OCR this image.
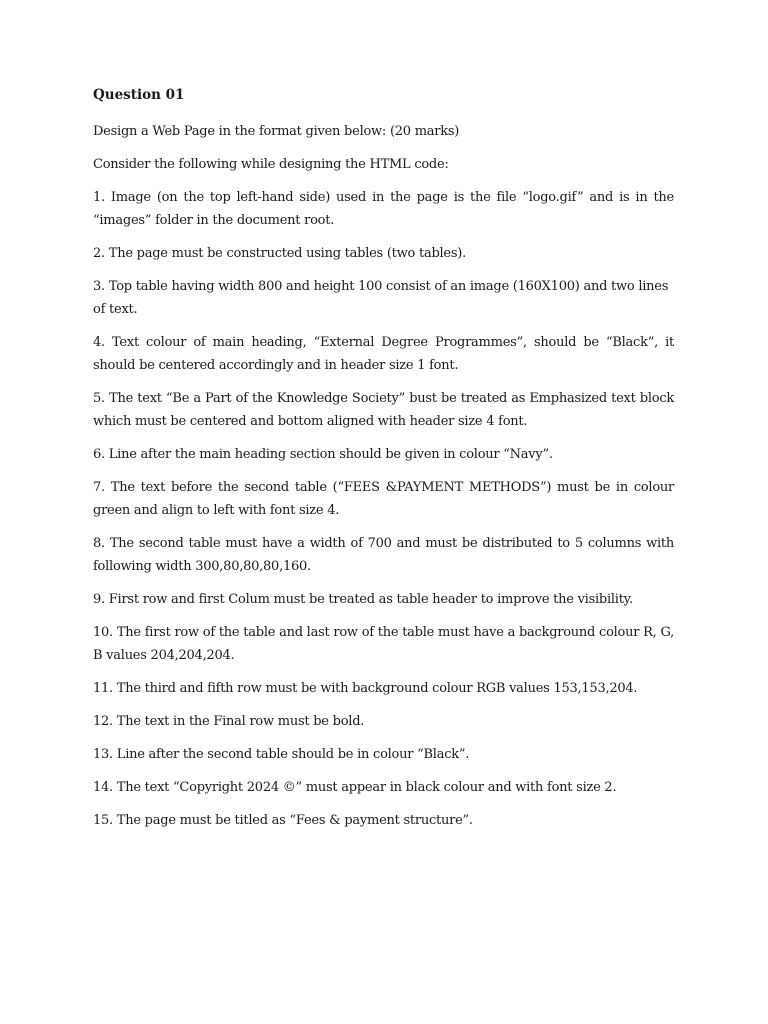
Question 01
Design a Web Page in the format given below: (20 marks)
Consider the following while designing the HTML code:
1. Image (on the top left-hand side) used in the page is the file “logo.gif” and is in the “images” folder in the document root.
2. The page must be constructed using tables (two tables).
3. Top table having width 800 and height 100 consist of an image (160X100) and two lines of text.
4. Text colour of main heading, “External Degree Programmes”, should be “Black”, it should be centered accordingly and in header size 1 font.
5. The text “Be a Part of the Knowledge Society” bust be treated as Emphasized text block which must be centered and bottom aligned with header size 4 font.
6. Line after the main heading section should be given in colour “Navy”.
7. The text before the second table (“FEES &PAYMENT METHODS”) must be in colour green and align to left with font size 4.
8. The second table must have a width of 700 and must be distributed to 5 columns with following width 300,80,80,80,160.
9. First row and first Colum must be treated as table header to improve the visibility.
10. The first row of the table and last row of the table must have a background colour R, G, B values 204,204,204.
11. The third and fifth row must be with background colour RGB values 153,153,204.
12. The text in the Final row must be bold.
13. Line after the second table should be in colour “Black”.
14. The text “Copyright 2024 ©” must appear in black colour and with font size 2.
15. The page must be titled as “Fees & payment structure”.
